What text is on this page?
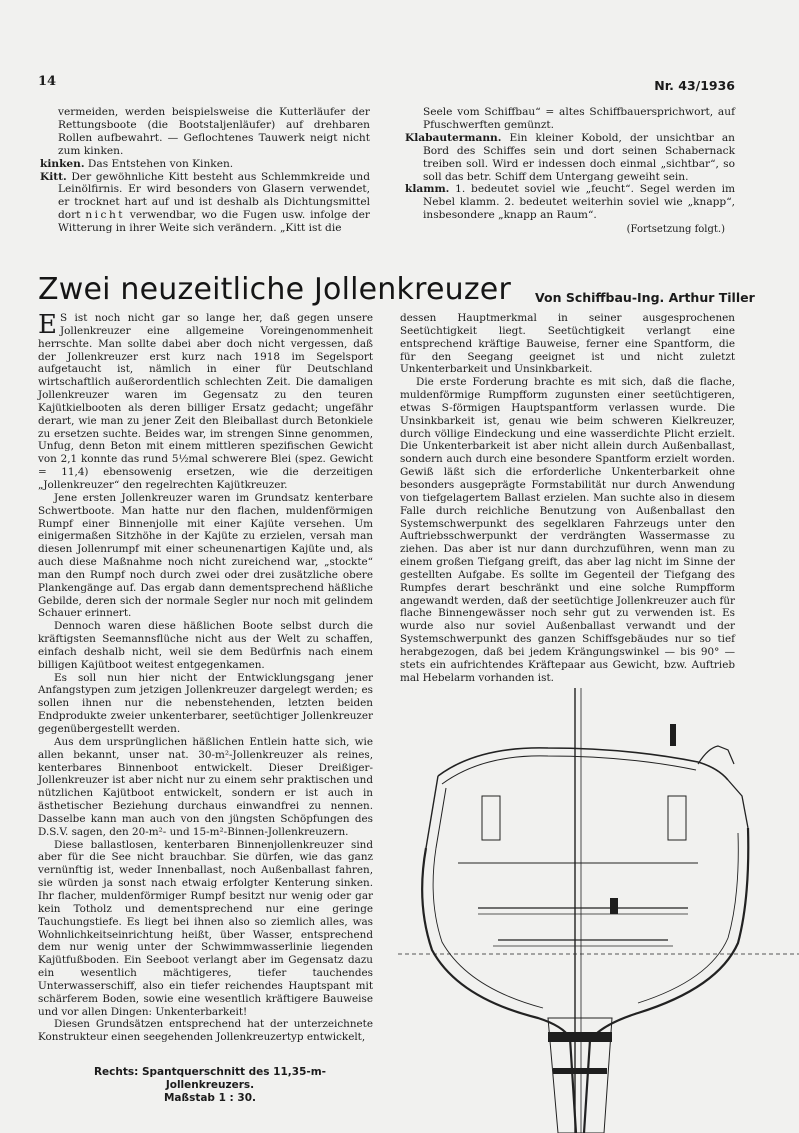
14	Nr. 43/1936
vermeiden, werden beispielsweise die Kutterläufer der Rettungsboote (die Bootstaljenläufer) auf drehbaren Rollen aufbewahrt. — Geflochtenes Tauwerk neigt nicht zum kinken.
kinken. Das Entstehen von Kinken.
Kitt. Der gewöhnliche Kitt besteht aus Schlemmkreide und Leinölfirnis. Er wird besonders von Glasern verwendet, er trocknet hart auf und ist deshalb als Dichtungsmittel dort nicht verwendbar, wo die Fugen usw. infolge der Witterung in ihrer Weite sich verändern. „Kitt ist die
Seele vom Schiffbau“ = altes Schiffbauersprichwort, auf Pfuschwerften gemünzt.
Klabautermann. Ein kleiner Kobold, der unsichtbar an Bord des Schiffes sein und dort seinen Schabernack treiben soll. Wird er indessen doch einmal „sichtbar“, so soll das betr. Schiff dem Untergang geweiht sein.
klamm. 1. bedeutet soviel wie „feucht“. Segel werden im Nebel klamm. 2. bedeutet weiterhin soviel wie „knapp“, insbesondere „knapp an Raum“.
(Fortsetzung folgt.)
Zwei neuzeitliche Jollenkreuzer Von Schiffbau-Ing. Arthur Tiller

E S ist noch nicht gar so lange her, daß gegen unsere Jollenkreuzer eine allgemeine Voreingenommenheit herrschte. Man sollte dabei aber doch nicht vergessen, daß der Jollenkreuzer erst kurz nach 1918 im Segelsport aufgetaucht ist, nämlich in einer für Deutschland wirtschaftlich außerordentlich schlechten Zeit. Die damaligen Jollenkreuzer waren im Gegensatz zu den teuren Kajütkielbooten als deren billiger Ersatz gedacht; ungefähr derart, wie man zu jener Zeit den Bleiballast durch Betonkiele zu ersetzen suchte. Beides war, im strengen Sinne genommen, Unfug, denn Beton mit einem mittleren spezifischen Gewicht von 2,1 konnte das rund 5½mal schwerere Blei (spez. Gewicht = 11,4) ebensowenig ersetzen, wie die derzeitigen „Jollenkreuzer“ den regelrechten Kajütkreuzer.

Jene ersten Jollenkreuzer waren im Grundsatz kenterbare Schwertboote. Man hatte nur den flachen, muldenförmigen Rumpf einer Binnenjolle mit einer Kajüte versehen. Um einigermaßen Sitzhöhe in der Kajüte zu erzielen, versah man diesen Jollenrumpf mit einer scheunenartigen Kajüte und, als auch diese Maßnahme noch nicht zureichend war, „stockte“ man den Rumpf noch durch zwei oder drei zusätzliche obere Plankengänge auf. Das ergab dann dementsprechend häßliche Gebilde, deren sich der normale Segler nur noch mit gelindem Schauer erinnert.

Dennoch waren diese häßlichen Boote selbst durch die kräftigsten Seemannsflüche nicht aus der Welt zu schaffen, einfach deshalb nicht, weil sie dem Bedürfnis nach einem billigen Kajütboot weitest entgegenkamen.

Es soll nun hier nicht der Entwicklungsgang jener Anfangstypen zum jetzigen Jollenkreuzer dargelegt werden; es sollen ihnen nur die nebenstehenden, letzten beiden Endprodukte zweier unkenterbarer, seetüchtiger Jollenkreuzer gegenübergestellt werden.

Aus dem ursprünglichen häßlichen Entlein hatte sich, wie allen bekannt, unser nat. 30-m²-Jollenkreuzer als reines, kenterbares Binnenboot entwickelt. Dieser Dreißiger-Jollenkreuzer ist aber nicht nur zu einem sehr praktischen und nützlichen Kajütboot entwickelt, sondern er ist auch in ästhetischer Beziehung durchaus einwandfrei zu nennen. Dasselbe kann man auch von den jüngsten Schöpfungen des D.S.V. sagen, den 20-m²- und 15-m²-Binnen-Jollenkreuzern.

Diese ballastlosen, kenterbaren Binnenjollenkreuzer sind aber für die See nicht brauchbar. Sie dürfen, wie das ganz vernünftig ist, weder Innenballast, noch Außenballast fahren, sie würden ja sonst nach etwaig erfolgter Kenterung sinken. Ihr flacher, muldenförmiger Rumpf besitzt nur wenig oder gar kein Totholz und dementsprechend nur eine geringe Tauchungstiefe. Es liegt bei ihnen also so ziemlich alles, was Wohnlichkeitseinrichtung heißt, über Wasser, entsprechend dem nur wenig unter der Schwimmwasserlinie liegenden Kajütfußboden. Ein Seeboot verlangt aber im Gegensatz dazu ein wesentlich mächtigeres, tiefer tauchendes Unterwasserschiff, also ein tiefer reichendes Hauptspant mit schärferem Boden, sowie eine wesentlich kräftigere Bauweise und vor allen Dingen: Unkenterbarkeit!

Diesen Grundsätzen entsprechend hat der unterzeichnete Konstrukteur einen seegehenden Jollenkreuzertyp entwickelt,

dessen Hauptmerkmal in seiner ausgesprochenen Seetüchtigkeit liegt. Seetüchtigkeit verlangt eine entsprechend kräftige Bauweise, ferner eine Spantform, die für den Seegang geeignet ist und nicht zuletzt Unkenterbarkeit und Unsinkbarkeit.

Die erste Forderung brachte es mit sich, daß die flache, muldenförmige Rumpfform zugunsten einer seetüchtigeren, etwas S-förmigen Hauptspantform verlassen wurde. Die Unsinkbarkeit ist, genau wie beim schweren Kielkreuzer, durch völlige Eindeckung und eine wasserdichte Plicht erzielt. Die Unkenterbarkeit ist aber nicht allein durch Außenballast, sondern auch durch eine besondere Spantform erzielt worden. Gewiß läßt sich die erforderliche Unkenterbarkeit ohne besonders ausgeprägte Formstabilität nur durch Anwendung von tiefgelagertem Ballast erzielen. Man suchte also in diesem Falle durch reichliche Benutzung von Außenballast den Systemschwerpunkt des segelklaren Fahrzeugs unter den Auftriebsschwerpunkt der verdrängten Wassermasse zu ziehen. Das aber ist nur dann durchzuführen, wenn man zu einem großen Tiefgang greift, das aber lag nicht im Sinne der gestellten Aufgabe. Es sollte im Gegenteil der Tiefgang des Rumpfes derart beschränkt und eine solche Rumpfform angewandt werden, daß der seetüchtige Jollenkreuzer auch für flache Binnengewässer noch sehr gut zu verwenden ist. Es wurde also nur soviel Außenballast verwandt und der Systemschwerpunkt des ganzen Schiffsgebäudes nur so tief herabgezogen, daß bei jedem Krängungswinkel — bis 90° — stets ein aufrichtendes Kräftepaar aus Gewicht, bzw. Auftrieb mal Hebelarm vorhanden ist.

Rechts: Spantquerschnitt des 11,35-m-Jollenkreuzers.
Maßstab 1 : 30.
